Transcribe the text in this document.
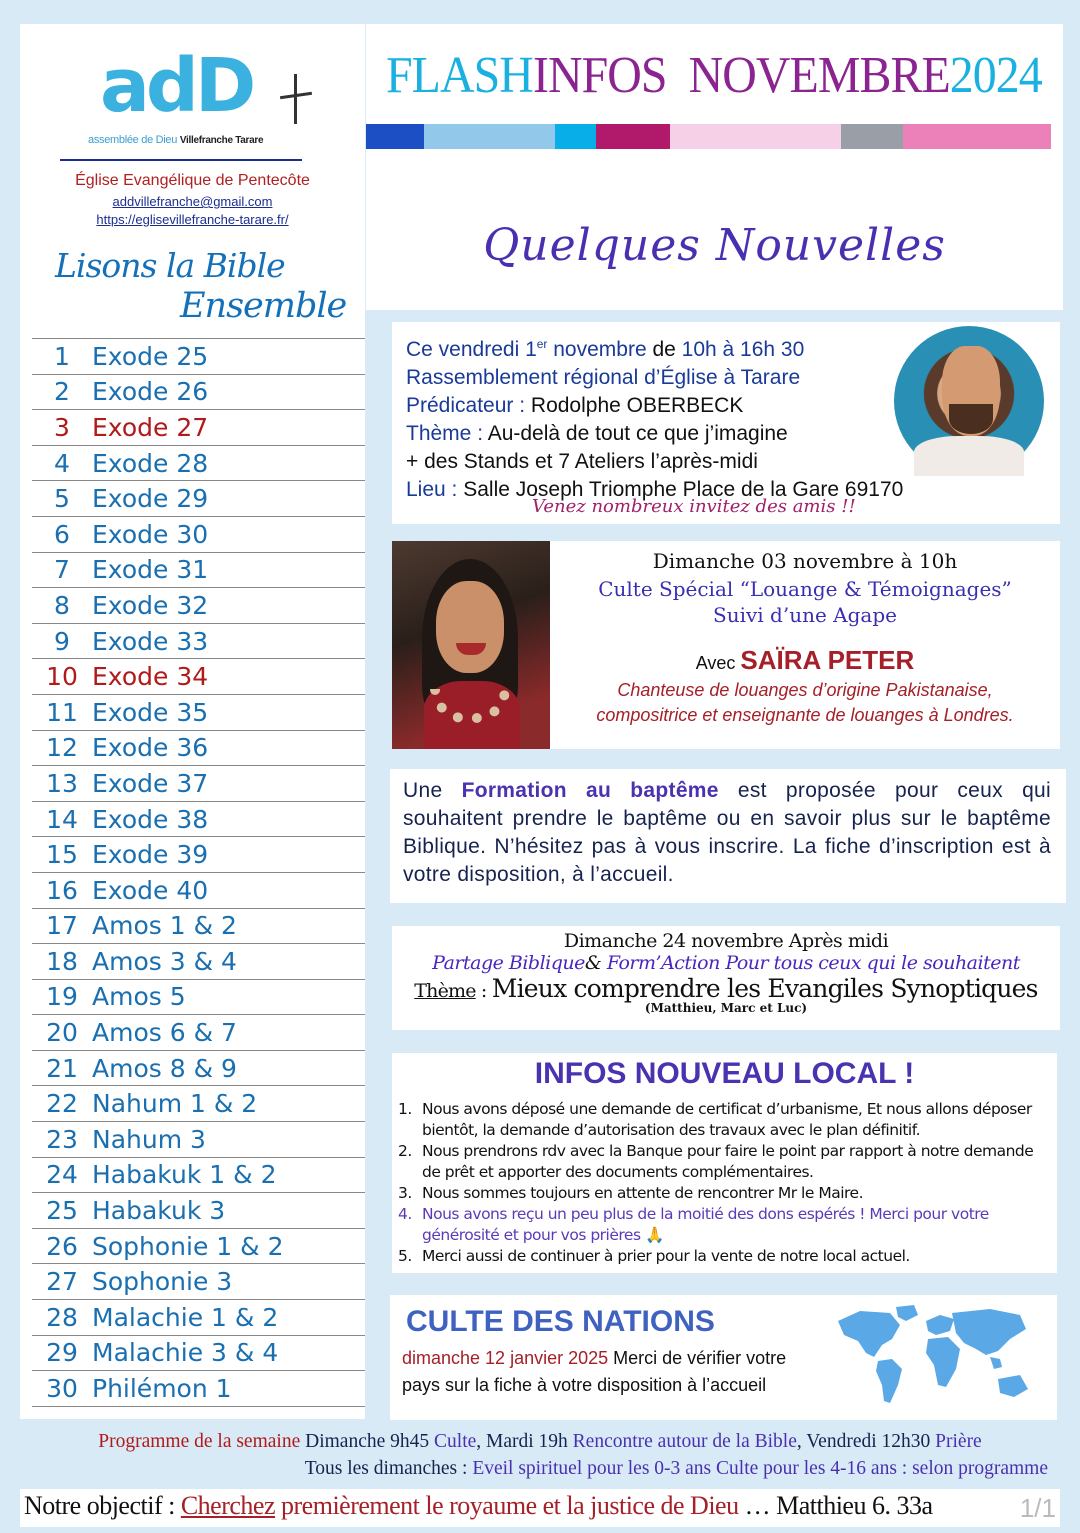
adD
assemblée de Dieu Villefranche Tarare
Église Evangélique de Pentecôte
addvillefranche@gmail.com
https://eglisevillefranche-tarare.fr/
Lisons la Bible
Ensemble
1 Exode 25
2 Exode 26
3 Exode 27
4 Exode 28
5 Exode 29
6 Exode 30
7 Exode 31
8 Exode 32
9 Exode 33
10 Exode 34
11 Exode 35
12 Exode 36
13 Exode 37
14 Exode 38
15 Exode 39
16 Exode 40
17 Amos 1 & 2
18 Amos 3 & 4
19 Amos 5
20 Amos 6 & 7
21 Amos 8 & 9
22 Nahum 1 & 2
23 Nahum 3
24 Habakuk 1 & 2
25 Habakuk 3
26 Sophonie 1 & 2
27 Sophonie 3
28 Malachie 1 & 2
29 Malachie 3 & 4
30 Philémon 1
FLASHINFOS  NOVEMBRE2024
Quelques Nouvelles
Ce vendredi 1er novembre de 10h à 16h 30
Rassemblement régional d’Église à Tarare
Prédicateur : Rodolphe OBERBECK
Thème : Au-delà de tout ce que j’imagine
+ des Stands et 7 Ateliers l’après-midi
Lieu : Salle Joseph Triomphe Place de la Gare 69170
Venez nombreux invitez des amis !!
Dimanche 03 novembre à 10h
Culte Spécial “Louange & Témoignages”
Suivi d’une Agape
Avec SAÏRA PETER
Chanteuse de louanges d’origine Pakistanaise,
compositrice et enseignante de louanges à Londres.
Une Formation au baptême est proposée pour ceux qui souhaitent prendre le baptême ou en savoir plus sur le baptême Biblique. N’hésitez pas à vous inscrire. La fiche d’inscription est à votre disposition, à l’accueil.
Dimanche 24 novembre Après midi
Partage Biblique& Form’Action Pour tous ceux qui le souhaitent
Thème : Mieux comprendre les Evangiles Synoptiques
(Matthieu, Marc et Luc)
INFOS NOUVEAU LOCAL !
1. Nous avons déposé une demande de certificat d’urbanisme, Et nous allons déposer bientôt, la demande d’autorisation des travaux avec le plan définitif.
2. Nous prendrons rdv avec la Banque pour faire le point par rapport à notre demande de prêt et apporter des documents complémentaires.
3. Nous sommes toujours en attente de rencontrer Mr le Maire.
4. Nous avons reçu un peu plus de la moitié des dons espérés ! Merci pour votre générosité et pour vos prières 🙏
5. Merci aussi de continuer à prier pour la vente de notre local actuel.
CULTE DES NATIONS
dimanche 12 janvier 2025 Merci de vérifier votre
pays sur la fiche à votre disposition à l’accueil
Programme de la semaine Dimanche 9h45 Culte, Mardi 19h Rencontre autour de la Bible, Vendredi 12h30 Prière
Tous les dimanches : Eveil spirituel pour les 0-3 ans Culte pour les 4-16 ans : selon programme
Notre objectif : Cherchez premièrement le royaume et la justice de Dieu … Matthieu 6. 33a	1/1
